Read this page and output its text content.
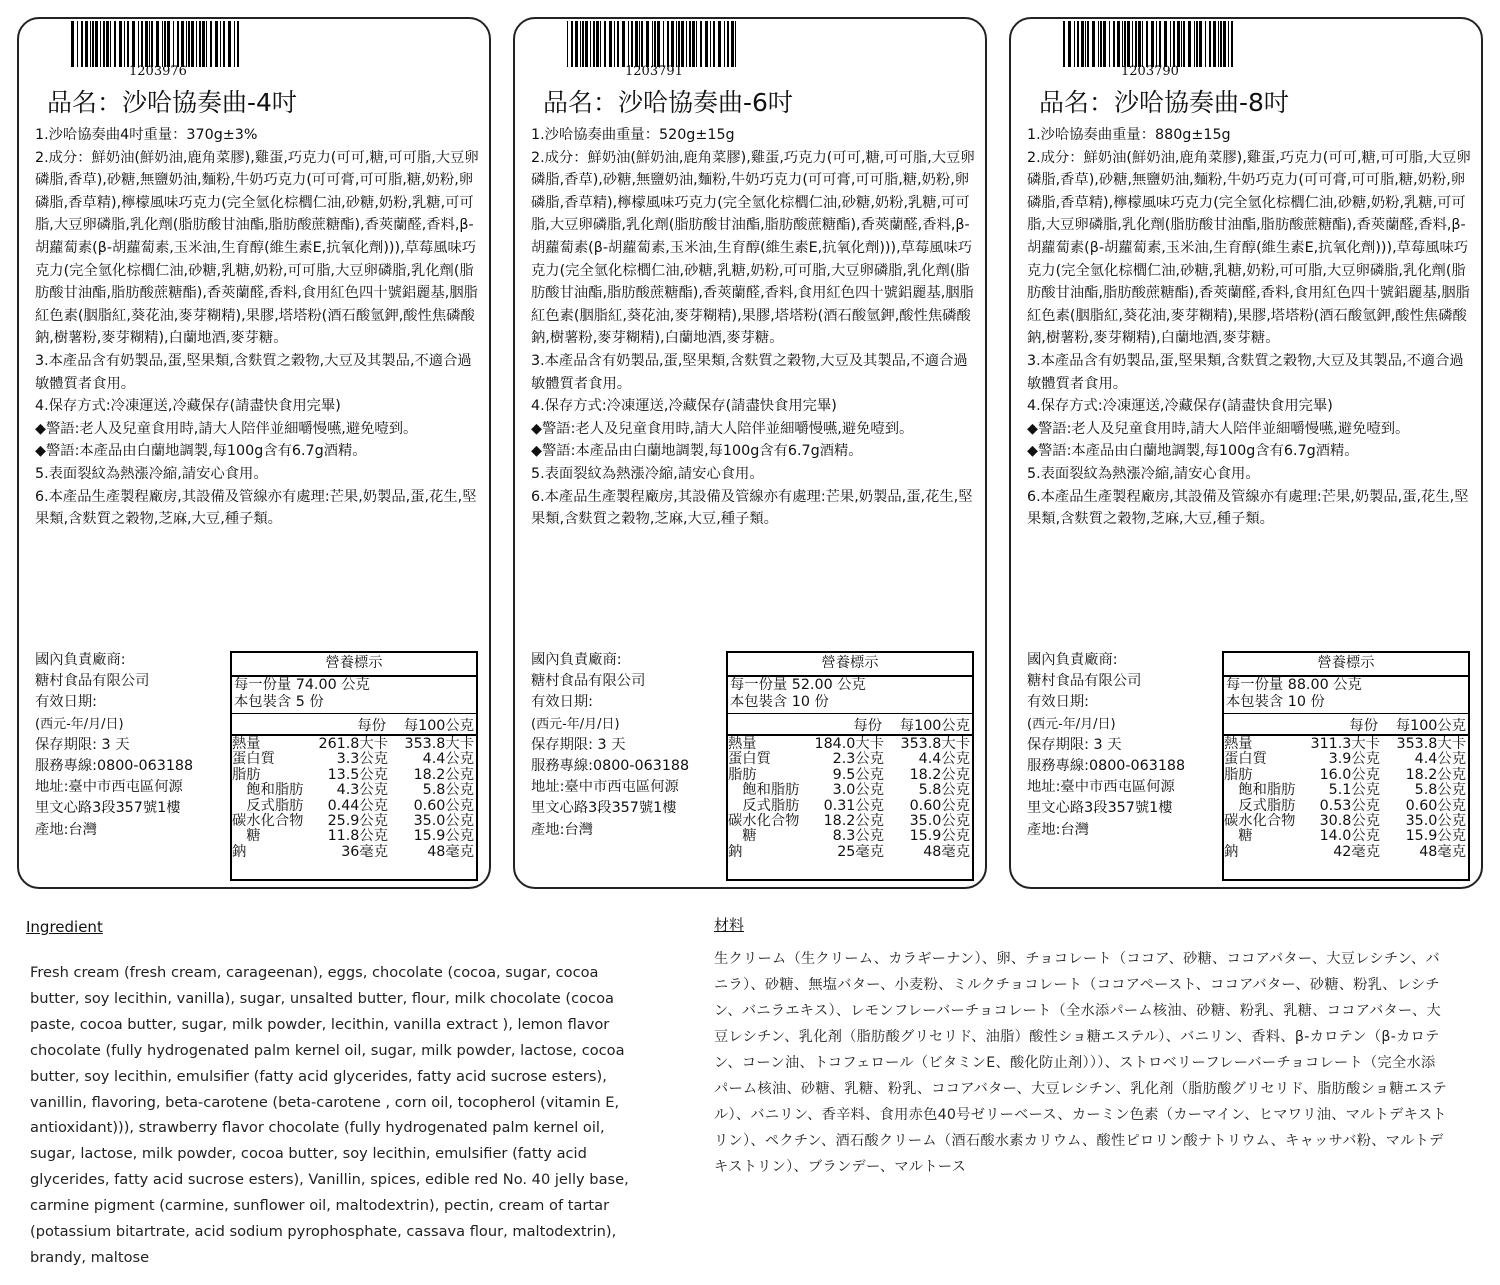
1203976
品名：沙哈協奏曲-4吋

1.沙哈協奏曲4吋重量：370g±3%

2.成分：鮮奶油(鮮奶油,鹿角菜膠),雞蛋,巧克力(可可,糖,可可脂,大豆卵磷脂,香草),砂糖,無鹽奶油,麵粉,牛奶巧克力(可可膏,可可脂,糖,奶粉,卵磷脂,香草精),檸檬風味巧克力(完全氫化棕櫚仁油,砂糖,奶粉,乳糖,可可脂,大豆卵磷脂,乳化劑(脂肪酸甘油酯,脂肪酸蔗糖酯),香莢蘭醛,香料,β-胡蘿蔔素(β-胡蘿蔔素,玉米油,生育醇(維生素E,抗氧化劑))),草莓風味巧克力(完全氫化棕櫚仁油,砂糖,乳糖,奶粉,可可脂,大豆卵磷脂,乳化劑(脂肪酸甘油酯,脂肪酸蔗糖酯),香莢蘭醛,香料,食用紅色四十號鋁麗基,胭脂紅色素(胭脂紅,葵花油,麥芽糊精),果膠,塔塔粉(酒石酸氫鉀,酸性焦磷酸鈉,樹薯粉,麥芽糊精),白蘭地酒,麥芽糖。

3.本產品含有奶製品,蛋,堅果類,含麩質之穀物,大豆及其製品,不適合過敏體質者食用。

4.保存方式:冷凍運送,冷藏保存(請盡快食用完畢)

◆警語:老人及兒童食用時,請大人陪伴並細嚼慢嚥,避免噎到。

◆警語:本產品由白蘭地調製,每100g含有6.7g酒精。

5.表面裂紋為熱漲冷縮,請安心食用。

6.本產品生產製程廠房,其設備及管線亦有處理:芒果,奶製品,蛋,花生,堅果類,含麩質之穀物,芝麻,大豆,種子類。

國內負責廠商:
糖村食品有限公司
有效日期:
(西元-年/月/日)
保存期限: 3 天
服務專線:0800-063188
地址:臺中市西屯區何源
里文心路3段357號1樓
產地:台灣
營養標示
每一份量 74.00 公克
本包裝含 5 份
每份 每100公克
熱量	261.8大卡 353.8大卡
蛋白質	3.3公克 4.4公克
脂肪	13.5公克 18.2公克
　飽和脂肪 4.3公克 5.8公克
　反式脂肪 0.44公克 0.60公克
碳水化合物 25.9公克 35.0公克
　糖	11.8公克 15.9公克
鈉	36毫克	48毫克
1203791
品名：沙哈協奏曲-6吋

1.沙哈協奏曲重量：520g±15g

2.成分：鮮奶油(鮮奶油,鹿角菜膠),雞蛋,巧克力(可可,糖,可可脂,大豆卵磷脂,香草),砂糖,無鹽奶油,麵粉,牛奶巧克力(可可膏,可可脂,糖,奶粉,卵磷脂,香草精),檸檬風味巧克力(完全氫化棕櫚仁油,砂糖,奶粉,乳糖,可可脂,大豆卵磷脂,乳化劑(脂肪酸甘油酯,脂肪酸蔗糖酯),香莢蘭醛,香料,β-胡蘿蔔素(β-胡蘿蔔素,玉米油,生育醇(維生素E,抗氧化劑))),草莓風味巧克力(完全氫化棕櫚仁油,砂糖,乳糖,奶粉,可可脂,大豆卵磷脂,乳化劑(脂肪酸甘油酯,脂肪酸蔗糖酯),香莢蘭醛,香料,食用紅色四十號鋁麗基,胭脂紅色素(胭脂紅,葵花油,麥芽糊精),果膠,塔塔粉(酒石酸氫鉀,酸性焦磷酸鈉,樹薯粉,麥芽糊精),白蘭地酒,麥芽糖。

3.本產品含有奶製品,蛋,堅果類,含麩質之穀物,大豆及其製品,不適合過敏體質者食用。

4.保存方式:冷凍運送,冷藏保存(請盡快食用完畢)

◆警語:老人及兒童食用時,請大人陪伴並細嚼慢嚥,避免噎到。

◆警語:本產品由白蘭地調製,每100g含有6.7g酒精。

5.表面裂紋為熱漲冷縮,請安心食用。

6.本產品生產製程廠房,其設備及管線亦有處理:芒果,奶製品,蛋,花生,堅果類,含麩質之穀物,芝麻,大豆,種子類。

國內負責廠商:
糖村食品有限公司
有效日期:
(西元-年/月/日)
保存期限: 3 天
服務專線:0800-063188
地址:臺中市西屯區何源
里文心路3段357號1樓
產地:台灣
營養標示
每一份量 52.00 公克
本包裝含 10 份
每份 每100公克
熱量	184.0大卡 353.8大卡
蛋白質	2.3公克 4.4公克
脂肪	9.5公克 18.2公克
　飽和脂肪 3.0公克 5.8公克
　反式脂肪 0.31公克 0.60公克
碳水化合物 18.2公克 35.0公克
　糖	8.3公克 15.9公克
鈉	25毫克	48毫克
1203790
品名：沙哈協奏曲-8吋

1.沙哈協奏曲重量：880g±15g

2.成分：鮮奶油(鮮奶油,鹿角菜膠),雞蛋,巧克力(可可,糖,可可脂,大豆卵磷脂,香草),砂糖,無鹽奶油,麵粉,牛奶巧克力(可可膏,可可脂,糖,奶粉,卵磷脂,香草精),檸檬風味巧克力(完全氫化棕櫚仁油,砂糖,奶粉,乳糖,可可脂,大豆卵磷脂,乳化劑(脂肪酸甘油酯,脂肪酸蔗糖酯),香莢蘭醛,香料,β-胡蘿蔔素(β-胡蘿蔔素,玉米油,生育醇(維生素E,抗氧化劑))),草莓風味巧克力(完全氫化棕櫚仁油,砂糖,乳糖,奶粉,可可脂,大豆卵磷脂,乳化劑(脂肪酸甘油酯,脂肪酸蔗糖酯),香莢蘭醛,香料,食用紅色四十號鋁麗基,胭脂紅色素(胭脂紅,葵花油,麥芽糊精),果膠,塔塔粉(酒石酸氫鉀,酸性焦磷酸鈉,樹薯粉,麥芽糊精),白蘭地酒,麥芽糖。

3.本產品含有奶製品,蛋,堅果類,含麩質之穀物,大豆及其製品,不適合過敏體質者食用。

4.保存方式:冷凍運送,冷藏保存(請盡快食用完畢)

◆警語:老人及兒童食用時,請大人陪伴並細嚼慢嚥,避免噎到。

◆警語:本產品由白蘭地調製,每100g含有6.7g酒精。

5.表面裂紋為熱漲冷縮,請安心食用。

6.本產品生產製程廠房,其設備及管線亦有處理:芒果,奶製品,蛋,花生,堅果類,含麩質之穀物,芝麻,大豆,種子類。

國內負責廠商:
糖村食品有限公司
有效日期:
(西元-年/月/日)
保存期限: 3 天
服務專線:0800-063188
地址:臺中市西屯區何源
里文心路3段357號1樓
產地:台灣
營養標示
每一份量 88.00 公克
本包裝含 10 份
每份 每100公克
熱量	311.3大卡 353.8大卡
蛋白質	3.9公克 4.4公克
脂肪	16.0公克 18.2公克
　飽和脂肪 5.1公克 5.8公克
　反式脂肪 0.53公克 0.60公克
碳水化合物 30.8公克 35.0公克
　糖	14.0公克 15.9公克
鈉	42毫克	48毫克
Ingredient
Fresh cream (fresh cream, carageenan), eggs, chocolate (cocoa, sugar, cocoa butter, soy lecithin, vanilla), sugar, unsalted butter, flour, milk chocolate (cocoa paste, cocoa butter, sugar, milk powder, lecithin, vanilla extract ), lemon flavor chocolate (fully hydrogenated palm kernel oil, sugar, milk powder, lactose, cocoa butter, soy lecithin, emulsifier (fatty acid glycerides, fatty acid sucrose esters), vanillin, flavoring, beta-carotene (beta-carotene , corn oil, tocopherol (vitamin E, antioxidant))), strawberry flavor chocolate (fully hydrogenated palm kernel oil, sugar, lactose, milk powder, cocoa butter, soy lecithin, emulsifier (fatty acid glycerides, fatty acid sucrose esters), Vanillin, spices, edible red No. 40 jelly base, carmine pigment (carmine, sunflower oil, maltodextrin), pectin, cream of tartar (potassium bitartrate, acid sodium pyrophosphate, cassava flour, maltodextrin), brandy, maltose
材料
生クリーム（生クリーム、カラギーナン）、卵、チョコレート（ココア、砂糖、ココアバター、大豆レシチン、バニラ）、砂糖、無塩バター、小麦粉、ミルクチョコレート（ココアペースト、ココアバター、砂糖、粉乳、レシチン、バニラエキス）、レモンフレーバーチョコレート（全水添パーム核油、砂糖、粉乳、乳糖、ココアバター、大豆レシチン、乳化剤（脂肪酸グリセリド、油脂）酸性ショ糖エステル）、バニリン、香料、β-カロテン（β-カロテン、コーン油、トコフェロール（ビタミンE、酸化防止剤）））、ストロベリーフレーバーチョコレート（完全水添パーム核油、砂糖、乳糖、粉乳、ココアバター、大豆レシチン、乳化剤（脂肪酸グリセリド、脂肪酸ショ糖エステル）、バニリン、香辛料、食用赤色40号ゼリーベース、カーミン色素（カーマイン、ヒマワリ油、マルトデキストリン）、ペクチン、酒石酸クリーム（酒石酸水素カリウム、酸性ピロリン酸ナトリウム、キャッサバ粉、マルトデキストリン）、ブランデー、マルトース
